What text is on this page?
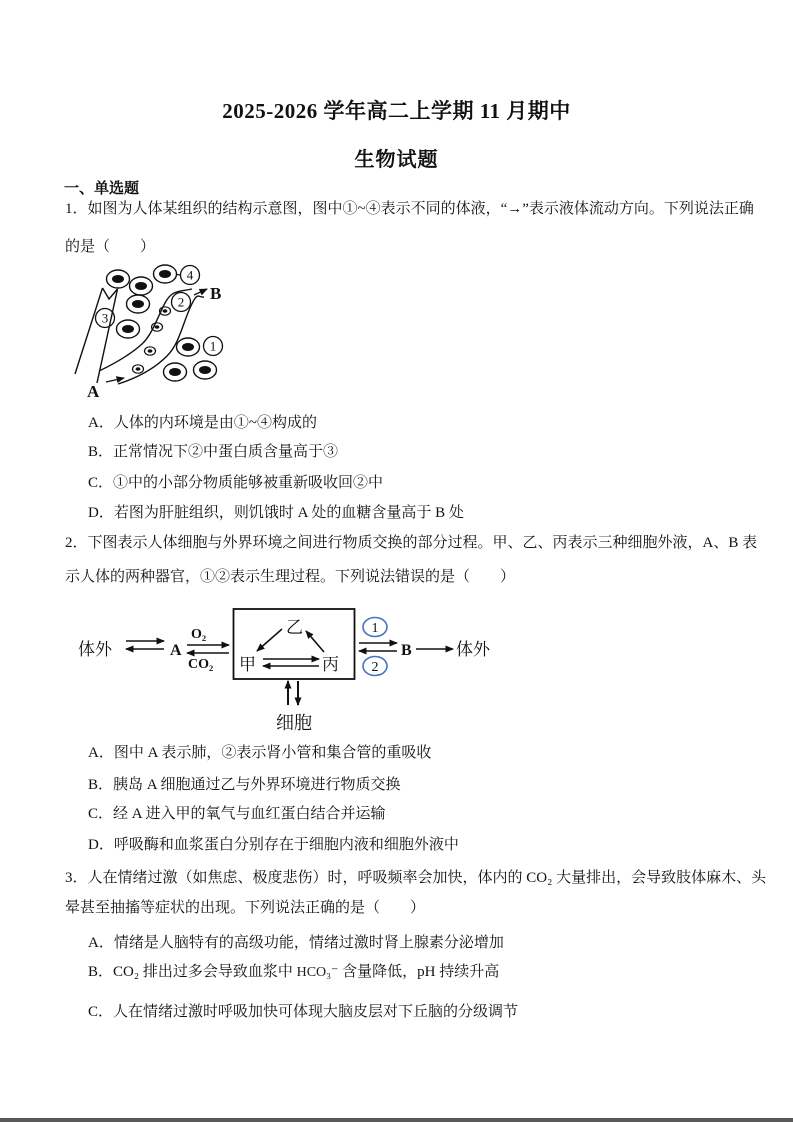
2025-2026 学年高二上学期 11 月期中
生物试题
一、单选题
1．如图为人体某组织的结构示意图，图中①~④表示不同的体液，“→”表示液体流动方向。下列说法正确
的是（　　）
4
2
3
1
A
B
A．人体的内环境是由①~④构成的
B．正常情况下②中蛋白质含量高于③
C．①中的小部分物质能够被重新吸收回②中
D．若图为肝脏组织，则饥饿时 A 处的血糖含量高于 B 处
2．下图表示人体细胞与外界环境之间进行物质交换的部分过程。甲、乙、丙表示三种细胞外液，A、B 表
示人体的两种器官，①②表示生理过程。下列说法错误的是（　　）
体外	A
O₂
CO₂
乙
甲	丙
1
2
B	体外
细胞
A．图中 A 表示肺，②表示肾小管和集合管的重吸收
B．胰岛 A 细胞通过乙与外界环境进行物质交换
C．经 A 进入甲的氧气与血红蛋白结合并运输
D．呼吸酶和血浆蛋白分别存在于细胞内液和细胞外液中
3．人在情绪过激（如焦虑、极度悲伤）时，呼吸频率会加快，体内的 CO₂ 大量排出，会导致肢体麻木、头
晕甚至抽搐等症状的出现。下列说法正确的是（　　）
A．情绪是人脑特有的高级功能，情绪过激时肾上腺素分泌增加
B．CO₂ 排出过多会导致血浆中 HCO₃⁻ 含量降低，pH 持续升高
C．人在情绪过激时呼吸加快可体现大脑皮层对下丘脑的分级调节
